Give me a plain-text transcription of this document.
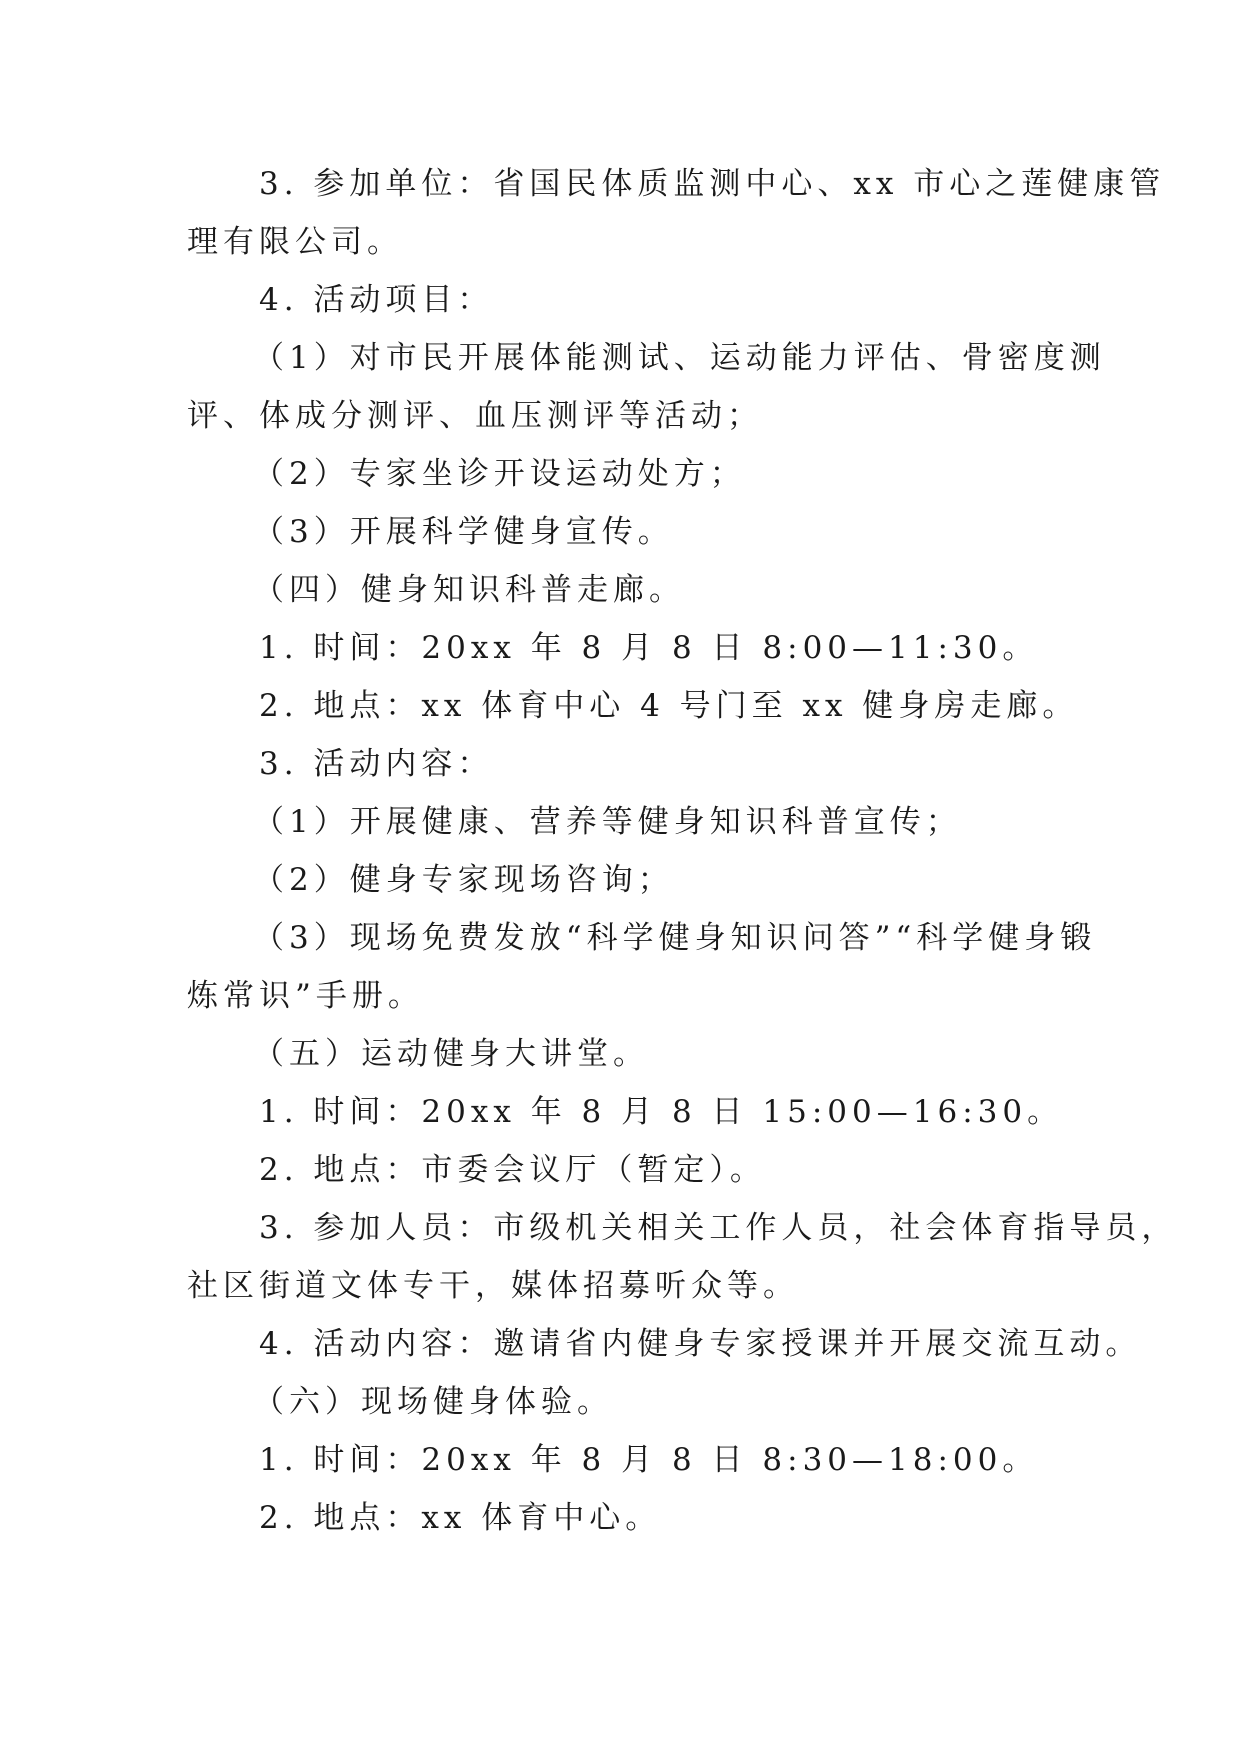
3. 参加单位：省国民体质监测中心、xx 市心之莲健康管
理有限公司。
4. 活动项目：
（1）对市民开展体能测试、运动能力评估、骨密度测
评、体成分测评、血压测评等活动；
（2）专家坐诊开设运动处方；
（3）开展科学健身宣传。
（四）健身知识科普走廊。
1. 时间：20xx 年 8 月 8 日 8:00—11:30。
2. 地点：xx 体育中心 4 号门至 xx 健身房走廊。
3. 活动内容：
（1）开展健康、营养等健身知识科普宣传；
（2）健身专家现场咨询；
（3）现场免费发放“科学健身知识问答”“科学健身锻
炼常识”手册。
（五）运动健身大讲堂。
1. 时间：20xx 年 8 月 8 日 15:00—16:30。
2. 地点：市委会议厅（暂定）。
3. 参加人员：市级机关相关工作人员，社会体育指导员，
社区街道文体专干，媒体招募听众等。
4. 活动内容：邀请省内健身专家授课并开展交流互动。
（六）现场健身体验。
1. 时间：20xx 年 8 月 8 日 8:30—18:00。
2. 地点：xx 体育中心。
